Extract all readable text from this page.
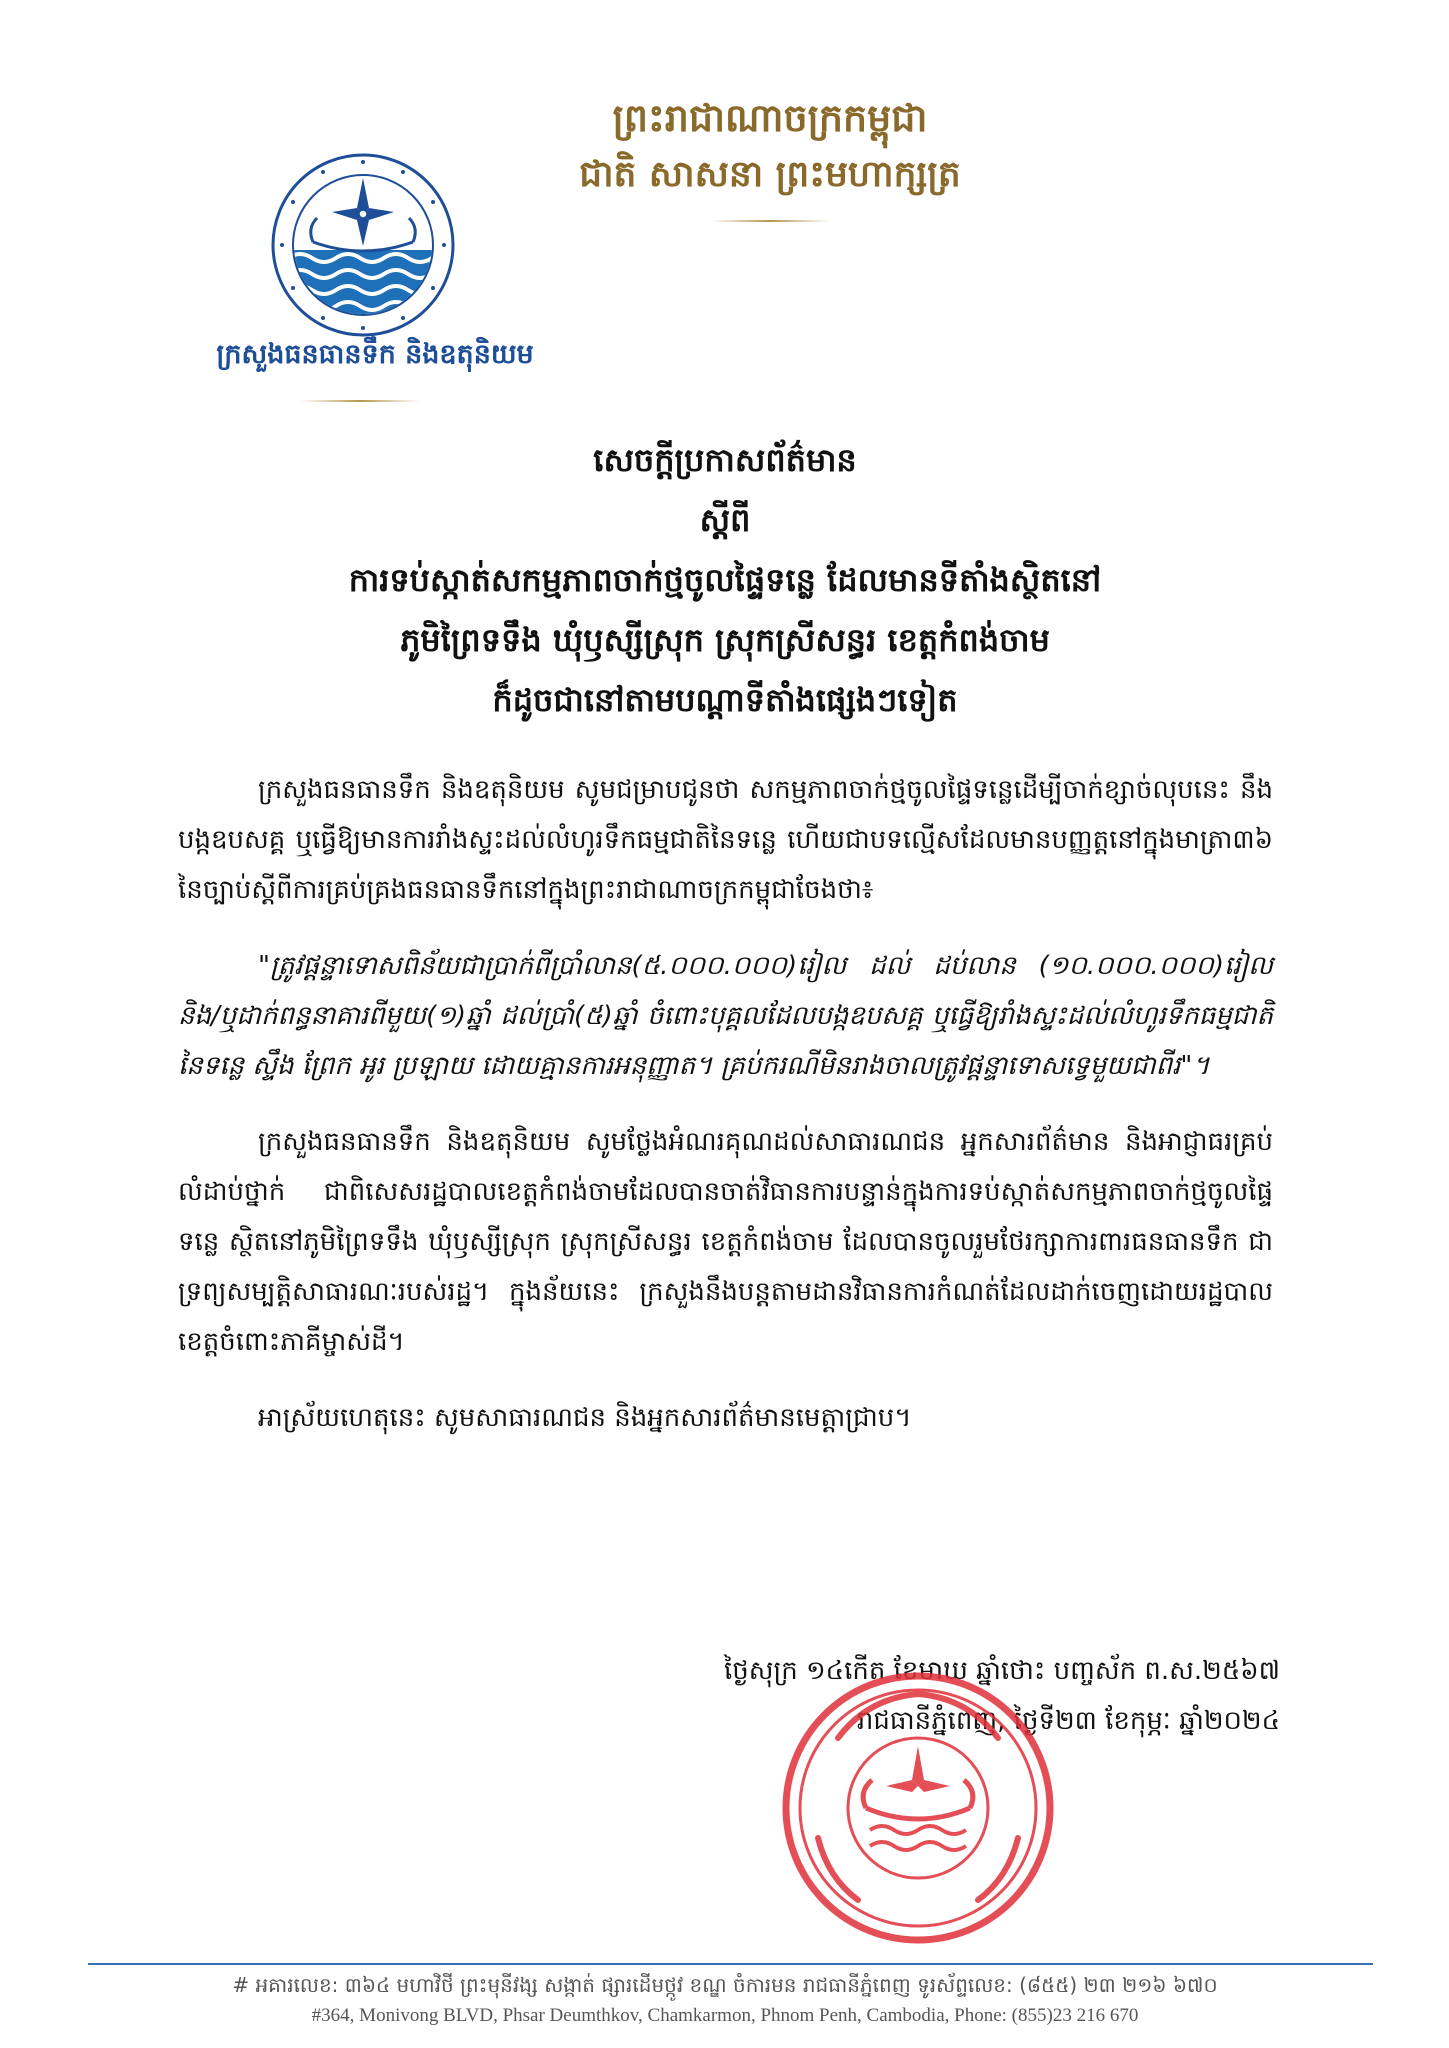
ព្រះរាជាណាចក្រកម្ពុជា
ជាតិ សាសនា ព្រះមហាក្សត្រ
ក្រសួងធនធានទឹក និងឧតុនិយម
សេចក្តីប្រកាសព័ត៌មាន
ស្តីពី
ការទប់ស្កាត់សកម្មភាពចាក់ថ្មចូលផ្ទៃទន្លេ ដែលមានទីតាំងស្ថិតនៅ
ភូមិព្រៃទទឹង ឃុំឫស្សីស្រុក ស្រុកស្រីសន្ធរ ខេត្តកំពង់ចាម
ក៏ដូចជានៅតាមបណ្តាទីតាំងផ្សេងៗទៀត

ក្រសួងធនធានទឹក និងឧតុនិយម សូមជម្រាបជូនថា សកម្មភាពចាក់ថ្មចូលផ្ទៃទន្លេដើម្បីចាក់ខ្សាច់លុបនេះ នឹងបង្កឧបសគ្គ ឬធ្វើឱ្យមានការរាំងស្ទះដល់លំហូរទឹកធម្មជាតិនៃទន្លេ ហើយជាបទល្មើសដែលមានបញ្ញត្តនៅក្នុងមាត្រា៣៦ នៃច្បាប់ស្តីពីការគ្រប់គ្រងធនធានទឹកនៅក្នុងព្រះរាជាណាចក្រកម្ពុជាចែងថា៖

"ត្រូវផ្តន្ទាទោសពិន័យជាប្រាក់ពីប្រាំលាន(៥.០០០.០០០)រៀល ដល់ ដប់លាន (១០.០០០.០០០)រៀល និង/ឬដាក់ពន្ធនាគារពីមួយ(១)ឆ្នាំ ដល់ប្រាំ(៥)ឆ្នាំ ចំពោះបុគ្គលដែលបង្កឧបសគ្គ ឬធ្វើឱ្យរាំងស្ទះដល់លំហូរទឹកធម្មជាតិនៃទន្លេ ស្ទឹង ព្រែក អូរ ប្រឡាយ ដោយគ្មានការអនុញ្ញាត។ គ្រប់ករណីមិនរាងចាលត្រូវផ្តន្ទាទោសទ្វេមួយជាពីរ"។

ក្រសួងធនធានទឹក និងឧតុនិយម សូមថ្លែងអំណរគុណដល់សាធារណជន អ្នកសារព័ត៌មាន និងអាជ្ញាធរគ្រប់លំដាប់ថ្នាក់ ជាពិសេសរដ្ឋបាលខេត្តកំពង់ចាមដែលបានចាត់វិធានការបន្ទាន់ក្នុងការទប់ស្កាត់សកម្មភាពចាក់ថ្មចូលផ្ទៃទន្លេ ស្ថិតនៅភូមិព្រៃទទឹង ឃុំឫស្សីស្រុក ស្រុកស្រីសន្ធរ ខេត្តកំពង់ចាម ដែលបានចូលរួមថែរក្សាការពារធនធានទឹក ជាទ្រព្យសម្បត្តិសាធារណៈរបស់រដ្ឋ។ ក្នុងន័យនេះ ក្រសួងនឹងបន្តតាមដានវិធានការកំណត់ដែលដាក់ចេញដោយរដ្ឋបាលខេត្តចំពោះភាគីម្ចាស់ដី។

អាស្រ័យហេតុនេះ សូមសាធារណជន និងអ្នកសារព័ត៌មានមេត្តាជ្រាប។

ថ្ងៃសុក្រ ១៤កើត ខែមាឃ ឆ្នាំថោះ បញ្ចស័ក ព.ស.២៥៦៧
រាជធានីភ្នំពេញ, ថ្ងៃទី២៣ ខែកុម្ភៈ ឆ្នាំ២០២៤
# អគារលេខ: ៣៦៤ មហាវិថី ព្រះមុនីវង្ស សង្កាត់ ផ្សារដើមថ្កូវ ខណ្ឌ ចំការមន រាជធានីភ្នំពេញ ទូរស័ព្ទលេខ: (៨៥៥) ២៣ ២១៦ ៦៧០
#364, Monivong BLVD, Phsar Deumthkov, Chamkarmon, Phnom Penh, Cambodia, Phone: (855)23 216 670
